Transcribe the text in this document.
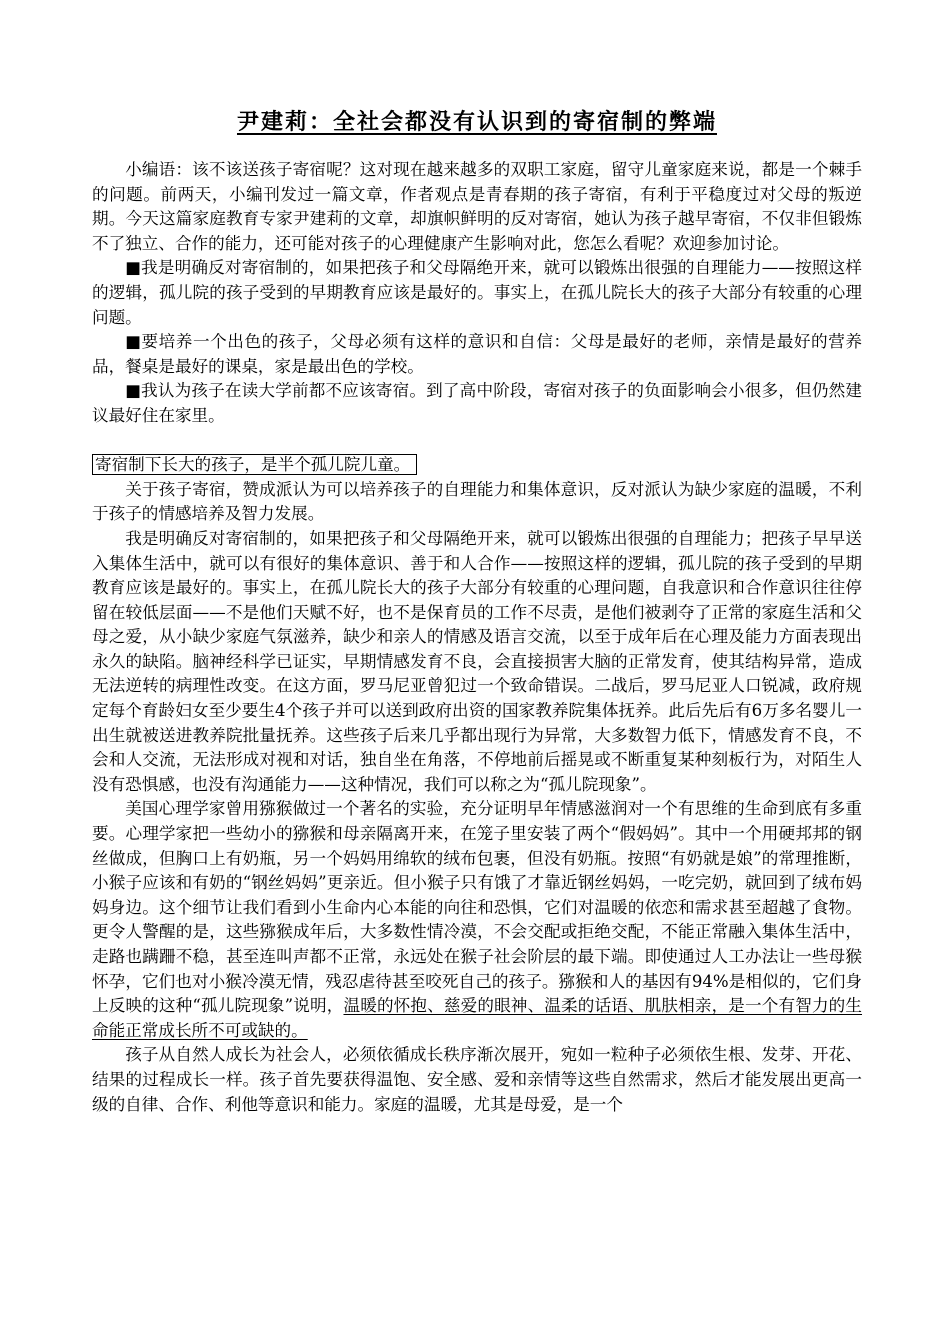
尹建莉：全社会都没有认识到的寄宿制的弊端

小编语：该不该送孩子寄宿呢？这对现在越来越多的双职工家庭，留守儿童家庭来说，都是一个棘手的问题。前两天，小编刊发过一篇文章，作者观点是青春期的孩子寄宿，有利于平稳度过对父母的叛逆期。今天这篇家庭教育专家尹建莉的文章，却旗帜鲜明的反对寄宿，她认为孩子越早寄宿，不仅非但锻炼不了独立、合作的能力，还可能对孩子的心理健康产生影响对此，您怎么看呢？欢迎参加讨论。

■我是明确反对寄宿制的，如果把孩子和父母隔绝开来，就可以锻炼出很强的自理能力——按照这样的逻辑，孤儿院的孩子受到的早期教育应该是最好的。事实上，在孤儿院长大的孩子大部分有较重的心理问题。

■要培养一个出色的孩子，父母必须有这样的意识和自信：父母是最好的老师，亲情是最好的营养品，餐桌是最好的课桌，家是最出色的学校。

■我认为孩子在读大学前都不应该寄宿。到了高中阶段，寄宿对孩子的负面影响会小很多，但仍然建议最好住在家里。

寄宿制下长大的孩子，是半个孤儿院儿童。

关于孩子寄宿，赞成派认为可以培养孩子的自理能力和集体意识，反对派认为缺少家庭的温暖，不利于孩子的情感培养及智力发展。

我是明确反对寄宿制的，如果把孩子和父母隔绝开来，就可以锻炼出很强的自理能力；把孩子早早送入集体生活中，就可以有很好的集体意识、善于和人合作——按照这样的逻辑，孤儿院的孩子受到的早期教育应该是最好的。事实上，在孤儿院长大的孩子大部分有较重的心理问题，自我意识和合作意识往往停留在较低层面——不是他们天赋不好，也不是保育员的工作不尽责，是他们被剥夺了正常的家庭生活和父母之爱，从小缺少家庭气氛滋养，缺少和亲人的情感及语言交流，以至于成年后在心理及能力方面表现出永久的缺陷。脑神经科学已证实，早期情感发育不良，会直接损害大脑的正常发育，使其结构异常，造成无法逆转的病理性改变。在这方面，罗马尼亚曾犯过一个致命错误。二战后，罗马尼亚人口锐减，政府规定每个育龄妇女至少要生4个孩子并可以送到政府出资的国家教养院集体抚养。此后先后有6万多名婴儿一出生就被送进教养院批量抚养。这些孩子后来几乎都出现行为异常，大多数智力低下，情感发育不良，不会和人交流，无法形成对视和对话，独自坐在角落，不停地前后摇晃或不断重复某种刻板行为，对陌生人没有恐惧感，也没有沟通能力——这种情况，我们可以称之为“孤儿院现象”。

美国心理学家曾用猕猴做过一个著名的实验，充分证明早年情感滋润对一个有思维的生命到底有多重要。心理学家把一些幼小的猕猴和母亲隔离开来，在笼子里安装了两个“假妈妈”。其中一个用硬邦邦的钢丝做成，但胸口上有奶瓶，另一个妈妈用绵软的绒布包裹，但没有奶瓶。按照“有奶就是娘”的常理推断，小猴子应该和有奶的“钢丝妈妈”更亲近。但小猴子只有饿了才靠近钢丝妈妈，一吃完奶，就回到了绒布妈妈身边。这个细节让我们看到小生命内心本能的向往和恐惧，它们对温暖的依恋和需求甚至超越了食物。更令人警醒的是，这些猕猴成年后，大多数性情冷漠，不会交配或拒绝交配，不能正常融入集体生活中，走路也蹒跚不稳，甚至连叫声都不正常，永远处在猴子社会阶层的最下端。即使通过人工办法让一些母猴怀孕，它们也对小猴冷漠无情，残忍虐待甚至咬死自己的孩子。猕猴和人的基因有94%是相似的，它们身上反映的这种“孤儿院现象”说明，温暖的怀抱、慈爱的眼神、温柔的话语、肌肤相亲，是一个有智力的生命能正常成长所不可或缺的。

孩子从自然人成长为社会人，必须依循成长秩序渐次展开，宛如一粒种子必须依生根、发芽、开花、结果的过程成长一样。孩子首先要获得温饱、安全感、爱和亲情等这些自然需求，然后才能发展出更高一级的自律、合作、利他等意识和能力。家庭的温暖，尤其是母爱，是一个
